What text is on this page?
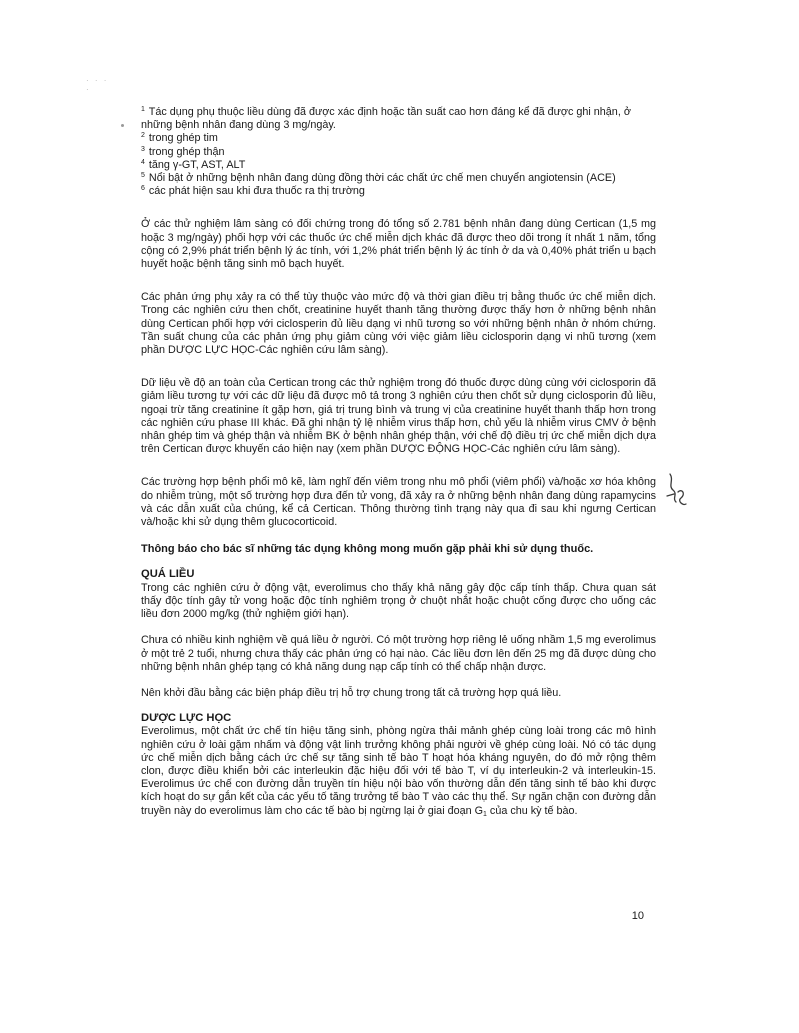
· · · ·
$^1$ Tác dụng phụ thuộc liều dùng đã được xác định hoặc tần suất cao hơn đáng kể đã được ghi nhận, ở những bệnh nhân đang dùng 3 mg/ngày.
$^2$ trong ghép tim
$^3$ trong ghép thận
$^4$ tăng γ-GT, AST, ALT
$^5$ Nổi bật ở những bệnh nhân đang dùng đồng thời các chất ức chế men chuyển angiotensin (ACE)
$^6$ các phát hiện sau khi đưa thuốc ra thị trường

Ở các thử nghiệm lâm sàng có đối chứng trong đó tổng số 2.781 bệnh nhân đang dùng Certican (1,5 mg hoặc 3 mg/ngày) phối hợp với các thuốc ức chế miễn dịch khác đã được theo dõi trong ít nhất 1 năm, tổng cộng có 2,9% phát triển bệnh lý ác tính, với 1,2% phát triển bệnh lý ác tính ở da và 0,40% phát triển u bạch huyết hoặc bệnh tăng sinh mô bạch huyết.

Các phản ứng phụ xảy ra có thể tùy thuộc vào mức độ và thời gian điều trị bằng thuốc ức chế miễn dịch. Trong các nghiên cứu then chốt, creatinine huyết thanh tăng thường được thấy hơn ở những bệnh nhân dùng Certican phối hợp với ciclosperin đủ liều dạng vi nhũ tương so với những bệnh nhân ở nhóm chứng. Tần suất chung của các phản ứng phụ giảm cùng với việc giảm liều ciclosporin dạng vi nhũ tương (xem phần DƯỢC LỰC HỌC-Các nghiên cứu lâm sàng).

Dữ liệu về độ an toàn của Certican trong các thử nghiệm trong đó thuốc được dùng cùng với ciclosporin đã giảm liều tương tự với các dữ liệu đã được mô tả trong 3 nghiên cứu then chốt sử dụng ciclosporin đủ liều, ngoại trừ tăng creatinine ít gặp hơn, giá trị trung bình và trung vị của creatinine huyết thanh thấp hơn trong các nghiên cứu phase III khác. Đã ghi nhận tỷ lệ nhiễm virus thấp hơn, chủ yếu là nhiễm virus CMV ở bệnh nhân ghép tim và ghép thận và nhiễm BK ở bệnh nhân ghép thận, với chế độ điều trị ức chế miễn dịch dựa trên Certican được khuyến cáo hiện nay (xem phần DƯỢC ĐỘNG HỌC-Các nghiên cứu lâm sàng).

Các trường hợp bệnh phổi mô kẽ, làm nghĩ đến viêm trong nhu mô phổi (viêm phổi) và/hoặc xơ hóa không do nhiễm trùng, một số trường hợp đưa đến tử vong, đã xảy ra ở những bệnh nhân đang dùng rapamycins và các dẫn xuất của chúng, kể cả Certican. Thông thường tình trạng này qua đi sau khi ngưng Certican và/hoặc khi sử dụng thêm glucocorticoid.

Thông báo cho bác sĩ những tác dụng không mong muốn gặp phải khi sử dụng thuốc.

QUÁ LIỀU

Trong các nghiên cứu ở động vật, everolimus cho thấy khả năng gây độc cấp tính thấp. Chưa quan sát thấy độc tính gây tử vong hoặc độc tính nghiêm trọng ở chuột nhắt hoặc chuột cống được cho uống các liều đơn 2000 mg/kg (thử nghiệm giới hạn).

Chưa có nhiều kinh nghiệm về quá liều ở người. Có một trường hợp riêng lẻ uống nhầm 1,5 mg everolimus ở một trẻ 2 tuổi, nhưng chưa thấy các phản ứng có hại nào. Các liều đơn lên đến 25 mg đã được dùng cho những bệnh nhân ghép tạng có khả năng dung nạp cấp tính có thể chấp nhận được.

Nên khởi đầu bằng các biện pháp điều trị hỗ trợ chung trong tất cả trường hợp quá liều.

DƯỢC LỰC HỌC

Everolimus, một chất ức chế tín hiệu tăng sinh, phòng ngừa thải mảnh ghép cùng loài trong các mô hình nghiên cứu ở loài gặm nhấm và động vật linh trưởng không phải người về ghép cùng loài. Nó có tác dụng ức chế miễn dịch bằng cách ức chế sự tăng sinh tế bào T hoạt hóa kháng nguyên, do đó mở rộng thêm clon, được điều khiển bởi các interleukin đặc hiệu đối với tế bào T, ví dụ interleukin-2 và interleukin-15. Everolimus ức chế con đường dẫn truyền tín hiệu nội bào vốn thường dẫn đến tăng sinh tế bào khi được kích hoạt do sự gắn kết của các yếu tố tăng trưởng tế bào T vào các thụ thể. Sự ngăn chặn con đường dẫn truyền này do everolimus làm cho các tế bào bị ngừng lại ở giai đoạn G1 của chu kỳ tế bào.

10
